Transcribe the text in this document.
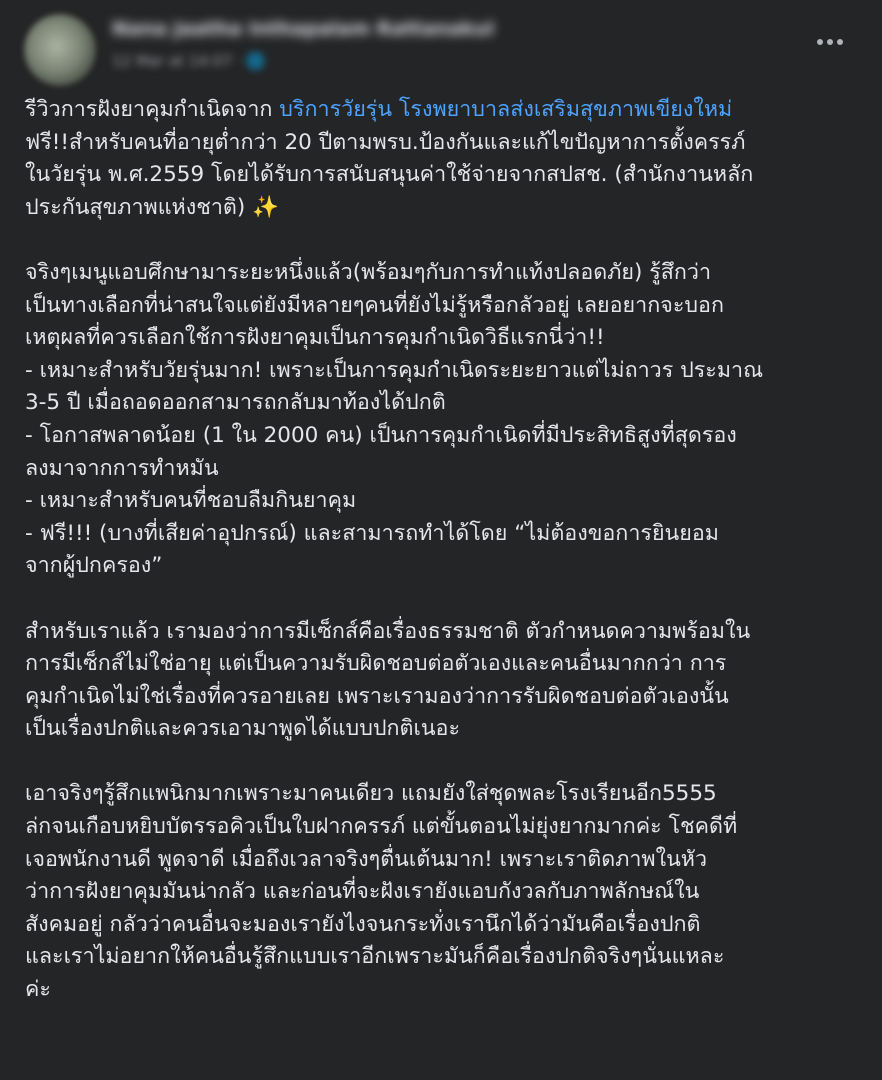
Nana Jaatha Inthapalam Rattanakul
12 Mar at 14:07 · 🌐

รีวิวการฝังยาคุมกำเนิดจาก บริการวัยรุ่น โรงพยาบาลส่งเสริมสุขภาพเขียงใหม่
ฟรี!!สำหรับคนที่อายุต่ำกว่า 20 ปีตามพรบ.ป้องกันและแก้ไขปัญหาการตั้งครรภ์
ในวัยรุ่น พ.ศ.2559 โดยได้รับการสนับสนุนค่าใช้จ่ายจากสปสช. (สำนักงานหลัก
ประกันสุขภาพแห่งชาติ) ✨

จริงๆเมนูแอบศึกษามาระยะหนึ่งแล้ว(พร้อมๆกับการทำแท้งปลอดภัย) รู้สึกว่า
เป็นทางเลือกที่น่าสนใจแต่ยังมีหลายๆคนที่ยังไม่รู้หรือกลัวอยู่ เลยอยากจะบอก
เหตุผลที่ควรเลือกใช้การฝังยาคุมเป็นการคุมกำเนิดวิธีแรกนี่ว่า!!
- เหมาะสำหรับวัยรุ่นมาก! เพราะเป็นการคุมกำเนิดระยะยาวแต่ไม่ถาวร ประมาณ
3-5 ปี เมื่อถอดออกสามารถกลับมาท้องได้ปกติ
- โอกาสพลาดน้อย (1 ใน 2000 คน) เป็นการคุมกำเนิดที่มีประสิทธิสูงที่สุดรอง
ลงมาจากการทำหมัน
- เหมาะสำหรับคนที่ชอบลืมกินยาคุม
- ฟรี!!! (บางที่เสียค่าอุปกรณ์) และสามารถทำได้โดย “ไม่ต้องขอการยินยอม
จากผู้ปกครอง”

สำหรับเราแล้ว เรามองว่าการมีเซ็กส์คือเรื่องธรรมชาติ ตัวกำหนดความพร้อมใน
การมีเซ็กส์ไม่ใช่อายุ แต่เป็นความรับผิดชอบต่อตัวเองและคนอื่นมากกว่า การ
คุมกำเนิดไม่ใช่เรื่องที่ควรอายเลย เพราะเรามองว่าการรับผิดชอบต่อตัวเองนั้น
เป็นเรื่องปกติและควรเอามาพูดได้แบบปกติเนอะ

เอาจริงๆรู้สึกแพนิกมากเพราะมาคนเดียว แถมยังใส่ชุดพละโรงเรียนอีก5555
ล่กจนเกือบหยิบบัตรรอคิวเป็นใบฝากครรภ์ แต่ขั้นตอนไม่ยุ่งยากมากค่ะ โชคดีที่
เจอพนักงานดี พูดจาดี เมื่อถึงเวลาจริงๆตื่นเต้นมาก! เพราะเราติดภาพในหัว
ว่าการฝังยาคุมมันน่ากลัว และก่อนที่จะฝังเรายังแอบกังวลกับภาพลักษณ์ใน
สังคมอยู่ กลัวว่าคนอื่นจะมองเรายังไงจนกระทั่งเรานึกได้ว่ามันคือเรื่องปกติ
และเราไม่อยากให้คนอื่นรู้สึกแบบเราอีกเพราะมันก็คือเรื่องปกติจริงๆนั่นแหละ
ค่ะ
